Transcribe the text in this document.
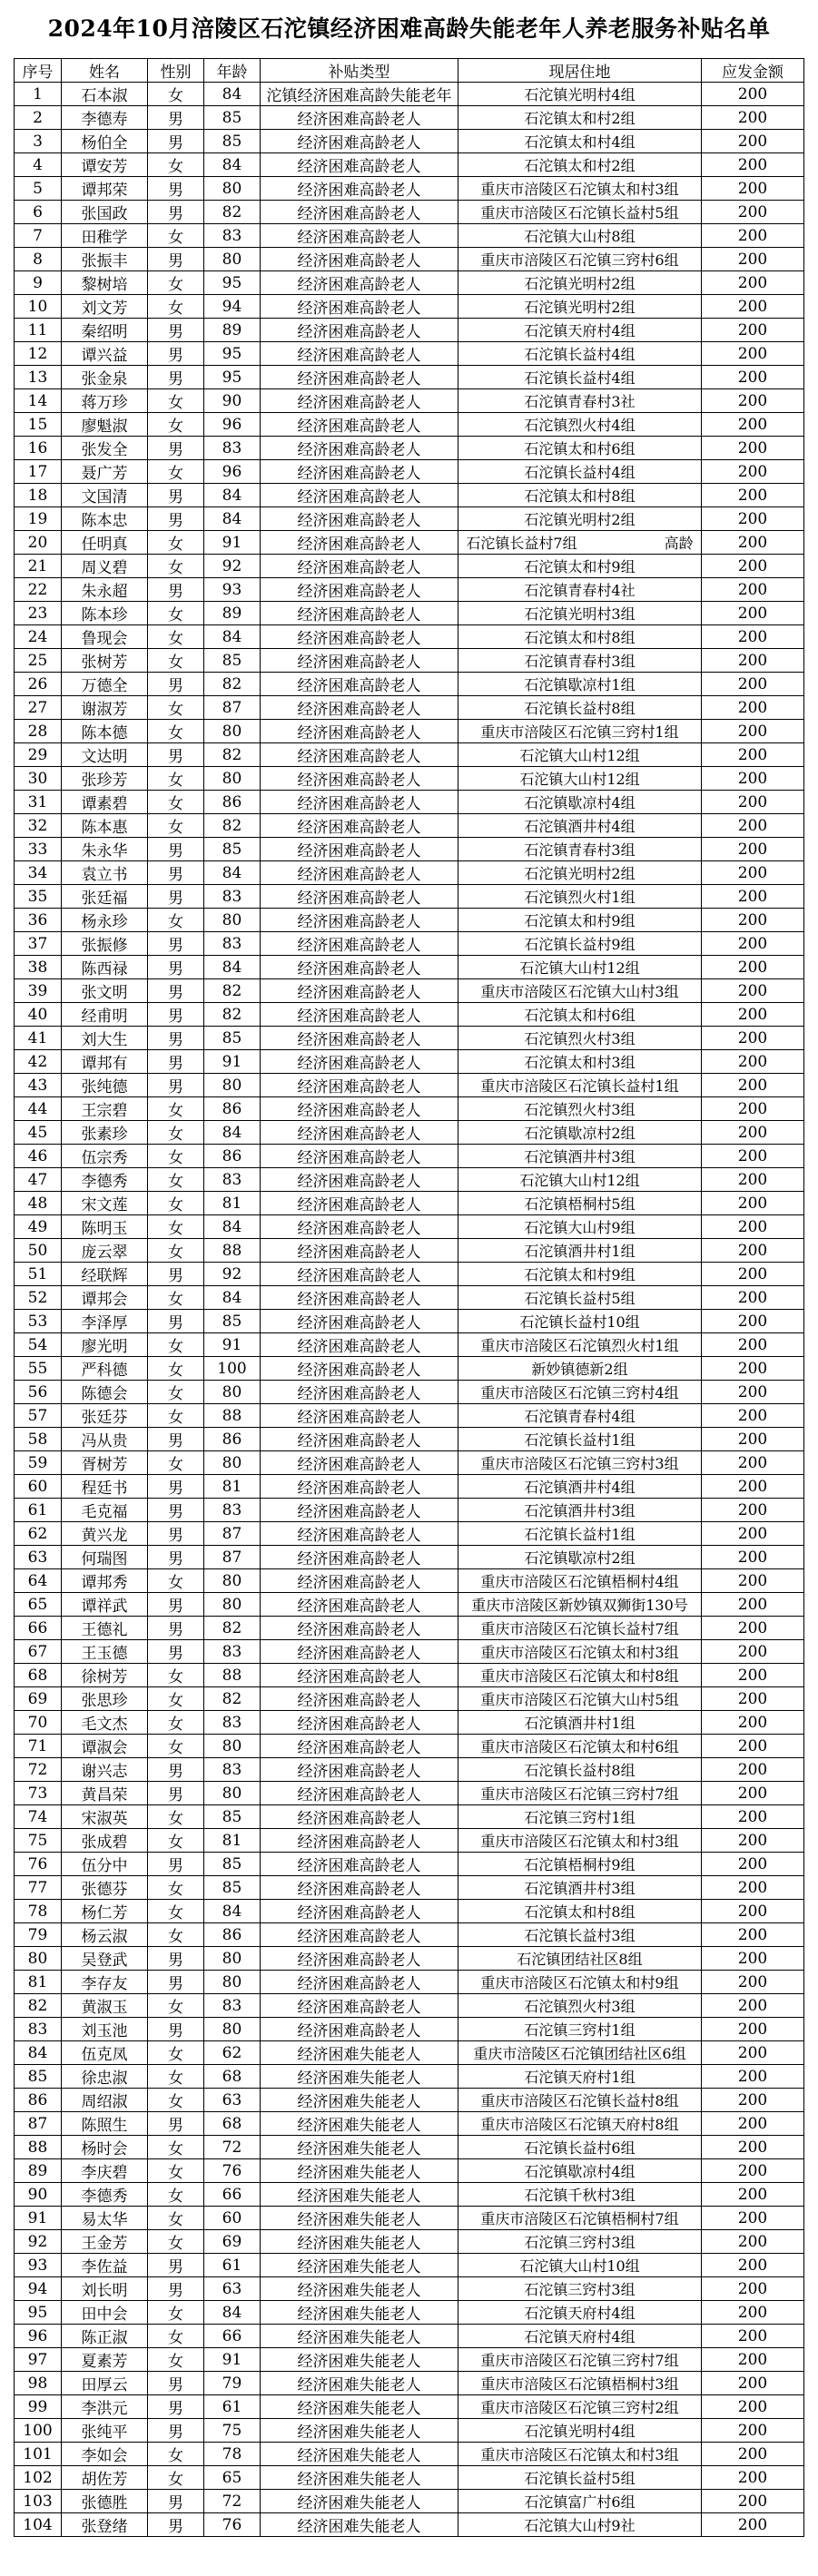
2024年10月涪陵区石沱镇经济困难高龄失能老年人养老服务补贴名单
序号	姓名	性别	年龄	补贴类型	现居住地	应发金额
1	石本淑	女	84	沱镇经济困难高龄失能老年	石沱镇光明村4组	200
2	李德寿	男	85	经济困难高龄老人	石沱镇太和村2组	200
3	杨伯全	男	85	经济困难高龄老人	石沱镇太和村4组	200
4	谭安芳	女	84	经济困难高龄老人	石沱镇太和村2组	200
5	谭邦荣	男	80	经济困难高龄老人	重庆市涪陵区石沱镇太和村3组	200
6	张国政	男	82	经济困难高龄老人	重庆市涪陵区石沱镇长益村5组	200
7	田稚学	女	83	经济困难高龄老人	石沱镇大山村8组	200
8	张振丰	男	80	经济困难高龄老人	重庆市涪陵区石沱镇三窍村6组	200
9	黎树培	女	95	经济困难高龄老人	石沱镇光明村2组	200
10	刘文芳	女	94	经济困难高龄老人	石沱镇光明村2组	200
11	秦绍明	男	89	经济困难高龄老人	石沱镇天府村4组	200
12	谭兴益	男	95	经济困难高龄老人	石沱镇长益村4组	200
13	张金泉	男	95	经济困难高龄老人	石沱镇长益村4组	200
14	蒋万珍	女	90	经济困难高龄老人	石沱镇青春村3社	200
15	廖魁淑	女	96	经济困难高龄老人	石沱镇烈火村4组	200
16	张发全	男	83	经济困难高龄老人	石沱镇太和村6组	200
17	聂广芳	女	96	经济困难高龄老人	石沱镇长益村4组	200
18	文国清	男	84	经济困难高龄老人	石沱镇太和村8组	200
19	陈本忠	男	84	经济困难高龄老人	石沱镇光明村2组	200
20	任明真	女	91	经济困难高龄老人	石沱镇长益村7组　　　　　　高龄	200
21	周义碧	女	92	经济困难高龄老人	石沱镇太和村9组	200
22	朱永超	男	93	经济困难高龄老人	石沱镇青春村4社	200
23	陈本珍	女	89	经济困难高龄老人	石沱镇光明村3组	200
24	鲁现会	女	84	经济困难高龄老人	石沱镇太和村8组	200
25	张树芳	女	85	经济困难高龄老人	石沱镇青春村3组	200
26	万德全	男	82	经济困难高龄老人	石沱镇歇凉村1组	200
27	谢淑芳	女	87	经济困难高龄老人	石沱镇长益村8组	200
28	陈本德	女	80	经济困难高龄老人	重庆市涪陵区石沱镇三窍村1组	200
29	文达明	男	82	经济困难高龄老人	石沱镇大山村12组	200
30	张珍芳	女	80	经济困难高龄老人	石沱镇大山村12组	200
31	谭素碧	女	86	经济困难高龄老人	石沱镇歇凉村4组	200
32	陈本惠	女	82	经济困难高龄老人	石沱镇酒井村4组	200
33	朱永华	男	85	经济困难高龄老人	石沱镇青春村3组	200
34	袁立书	男	84	经济困难高龄老人	石沱镇光明村2组	200
35	张廷福	男	83	经济困难高龄老人	石沱镇烈火村1组	200
36	杨永珍	女	80	经济困难高龄老人	石沱镇太和村9组	200
37	张振修	男	83	经济困难高龄老人	石沱镇长益村9组	200
38	陈西禄	男	84	经济困难高龄老人	石沱镇大山村12组	200
39	张文明	男	82	经济困难高龄老人	重庆市涪陵区石沱镇大山村3组	200
40	经甫明	男	82	经济困难高龄老人	石沱镇太和村6组	200
41	刘大生	男	85	经济困难高龄老人	石沱镇烈火村3组	200
42	谭邦有	男	91	经济困难高龄老人	石沱镇太和村3组	200
43	张纯德	男	80	经济困难高龄老人	重庆市涪陵区石沱镇长益村1组	200
44	王宗碧	女	86	经济困难高龄老人	石沱镇烈火村3组	200
45	张素珍	女	84	经济困难高龄老人	石沱镇歇凉村2组	200
46	伍宗秀	女	86	经济困难高龄老人	石沱镇酒井村3组	200
47	李德秀	女	83	经济困难高龄老人	石沱镇大山村12组	200
48	宋文莲	女	81	经济困难高龄老人	石沱镇梧桐村5组	200
49	陈明玉	女	84	经济困难高龄老人	石沱镇大山村9组	200
50	庞云翠	女	88	经济困难高龄老人	石沱镇酒井村1组	200
51	经联辉	男	92	经济困难高龄老人	石沱镇太和村9组	200
52	谭邦会	女	84	经济困难高龄老人	石沱镇长益村5组	200
53	李泽厚	男	85	经济困难高龄老人	石沱镇长益村10组	200
54	廖光明	女	91	经济困难高龄老人	重庆市涪陵区石沱镇烈火村1组	200
55	严科德	女	100	经济困难高龄老人	新妙镇德新2组	200
56	陈德会	女	80	经济困难高龄老人	重庆市涪陵区石沱镇三窍村4组	200
57	张廷芬	女	88	经济困难高龄老人	石沱镇青春村4组	200
58	冯从贵	男	86	经济困难高龄老人	石沱镇长益村1组	200
59	胥树芳	女	80	经济困难高龄老人	重庆市涪陵区石沱镇三窍村3组	200
60	程廷书	男	81	经济困难高龄老人	石沱镇酒井村4组	200
61	毛克福	男	83	经济困难高龄老人	石沱镇酒井村3组	200
62	黄兴龙	男	87	经济困难高龄老人	石沱镇长益村1组	200
63	何瑞图	男	87	经济困难高龄老人	石沱镇歇凉村2组	200
64	谭邦秀	女	80	经济困难高龄老人	重庆市涪陵区石沱镇梧桐村4组	200
65	谭祥武	男	80	经济困难高龄老人	重庆市涪陵区新妙镇双狮街130号	200
66	王德礼	男	82	经济困难高龄老人	重庆市涪陵区石沱镇长益村7组	200
67	王玉德	男	83	经济困难高龄老人	重庆市涪陵区石沱镇太和村3组	200
68	徐树芳	女	88	经济困难高龄老人	重庆市涪陵区石沱镇太和村8组	200
69	张思珍	女	82	经济困难高龄老人	重庆市涪陵区石沱镇大山村5组	200
70	毛文杰	女	83	经济困难高龄老人	石沱镇酒井村1组	200
71	谭淑会	女	80	经济困难高龄老人	重庆市涪陵区石沱镇太和村6组	200
72	谢兴志	男	83	经济困难高龄老人	石沱镇长益村8组	200
73	黄昌荣	男	80	经济困难高龄老人	重庆市涪陵区石沱镇三窍村7组	200
74	宋淑英	女	85	经济困难高龄老人	石沱镇三窍村1组	200
75	张成碧	女	81	经济困难高龄老人	重庆市涪陵区石沱镇太和村3组	200
76	伍分中	男	85	经济困难高龄老人	石沱镇梧桐村9组	200
77	张德芬	女	85	经济困难高龄老人	石沱镇酒井村3组	200
78	杨仁芳	女	84	经济困难高龄老人	石沱镇太和村8组	200
79	杨云淑	女	86	经济困难高龄老人	石沱镇长益村3组	200
80	吴登武	男	80	经济困难高龄老人	石沱镇团结社区8组	200
81	李存友	男	80	经济困难高龄老人	重庆市涪陵区石沱镇太和村9组	200
82	黄淑玉	女	83	经济困难高龄老人	石沱镇烈火村3组	200
83	刘玉池	男	80	经济困难高龄老人	石沱镇三窍村1组	200
84	伍克凤	女	62	经济困难失能老人	重庆市涪陵区石沱镇团结社区6组	200
85	徐忠淑	女	68	经济困难失能老人	石沱镇天府村1组	200
86	周绍淑	女	63	经济困难失能老人	重庆市涪陵区石沱镇长益村8组	200
87	陈照生	男	68	经济困难失能老人	重庆市涪陵区石沱镇天府村8组	200
88	杨时会	女	72	经济困难失能老人	石沱镇长益村6组	200
89	李庆碧	女	76	经济困难失能老人	石沱镇歇凉村4组	200
90	李德秀	女	66	经济困难失能老人	石沱镇千秋村3组	200
91	易太华	女	60	经济困难失能老人	重庆市涪陵区石沱镇梧桐村7组	200
92	王金芳	女	69	经济困难失能老人	石沱镇三窍村3组	200
93	李佐益	男	61	经济困难失能老人	石沱镇大山村10组	200
94	刘长明	男	63	经济困难失能老人	石沱镇三窍村3组	200
95	田中会	女	84	经济困难失能老人	石沱镇天府村4组	200
96	陈正淑	女	66	经济困难失能老人	石沱镇天府村4组	200
97	夏素芳	女	91	经济困难失能老人	重庆市涪陵区石沱镇三窍村7组	200
98	田厚云	男	79	经济困难失能老人	重庆市涪陵区石沱镇梧桐村3组	200
99	李洪元	男	61	经济困难失能老人	重庆市涪陵区石沱镇三窍村2组	200
100	张纯平	男	75	经济困难失能老人	石沱镇光明村4组	200
101	李如会	女	78	经济困难失能老人	重庆市涪陵区石沱镇太和村3组	200
102	胡佐芳	女	65	经济困难失能老人	石沱镇长益村5组	200
103	张德胜	男	72	经济困难失能老人	石沱镇富广村6组	200
104	张登绪	男	76	经济困难失能老人	石沱镇大山村9社	200
